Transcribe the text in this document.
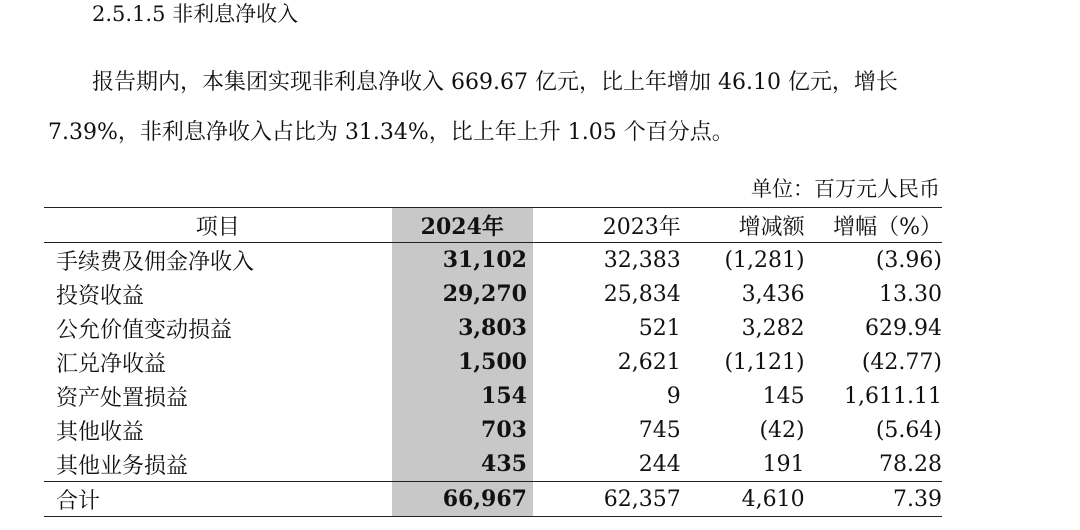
2.5.1.5 非利息净收入
报告期内，本集团实现非利息净收入 669.67 亿元，比上年增加 46.10 亿元，增长
7.39%，非利息净收入占比为 31.34%，比上年上升 1.05 个百分点。
单位：百万元人民币
项目	2024年	2023年	增减额	增幅（%）
手续费及佣金净收入	31,102	32,383	(1,281)	(3.96)
投资收益	29,270	25,834	3,436	13.30
公允价值变动损益	3,803	521	3,282	629.94
汇兑净收益	1,500	2,621	(1,121)	(42.77)
资产处置损益	154	9	145	1,611.11
其他收益	703	745	(42)	(5.64)
其他业务损益	435	244	191	78.28
合计	66,967	62,357	4,610	7.39
